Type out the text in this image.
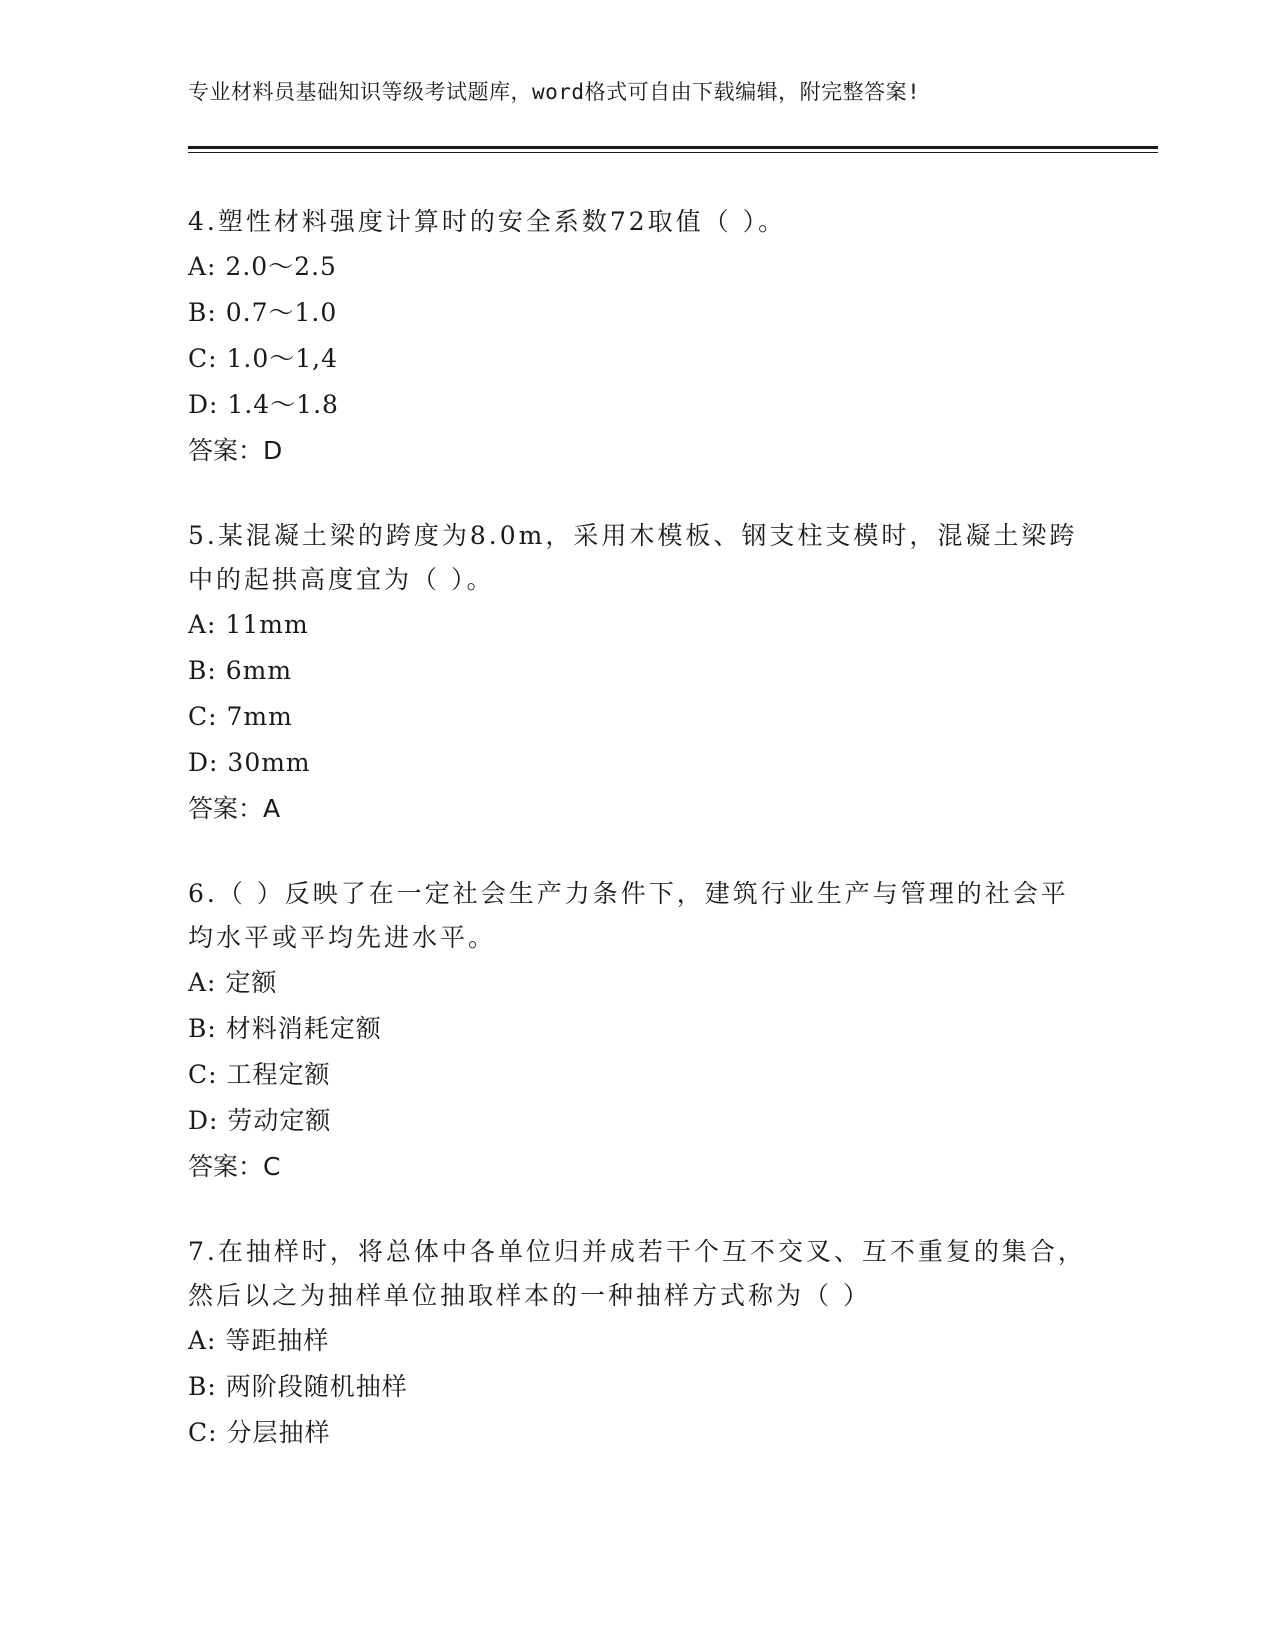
专业材料员基础知识等级考试题库，word格式可自由下载编辑，附完整答案!

4.塑性材料强度计算时的安全系数72取值（ ）。

A: 2.0～2.5

B: 0.7～1.0

C: 1.0～1,4

D: 1.4～1.8

答案：D

5.某混凝土梁的跨度为8.0m，采用木模板、钢支柱支模时，混凝土梁跨中的起拱高度宜为（ ）。

A: 11mm

B: 6mm

C: 7mm

D: 30mm

答案：A

6.（ ）反映了在一定社会生产力条件下，建筑行业生产与管理的社会平均水平或平均先进水平。

A: 定额

B: 材料消耗定额

C: 工程定额

D: 劳动定额

答案：C

7.在抽样时，将总体中各单位归并成若干个互不交叉、互不重复的集合，然后以之为抽样单位抽取样本的一种抽样方式称为（ ）

A: 等距抽样

B: 两阶段随机抽样

C: 分层抽样
